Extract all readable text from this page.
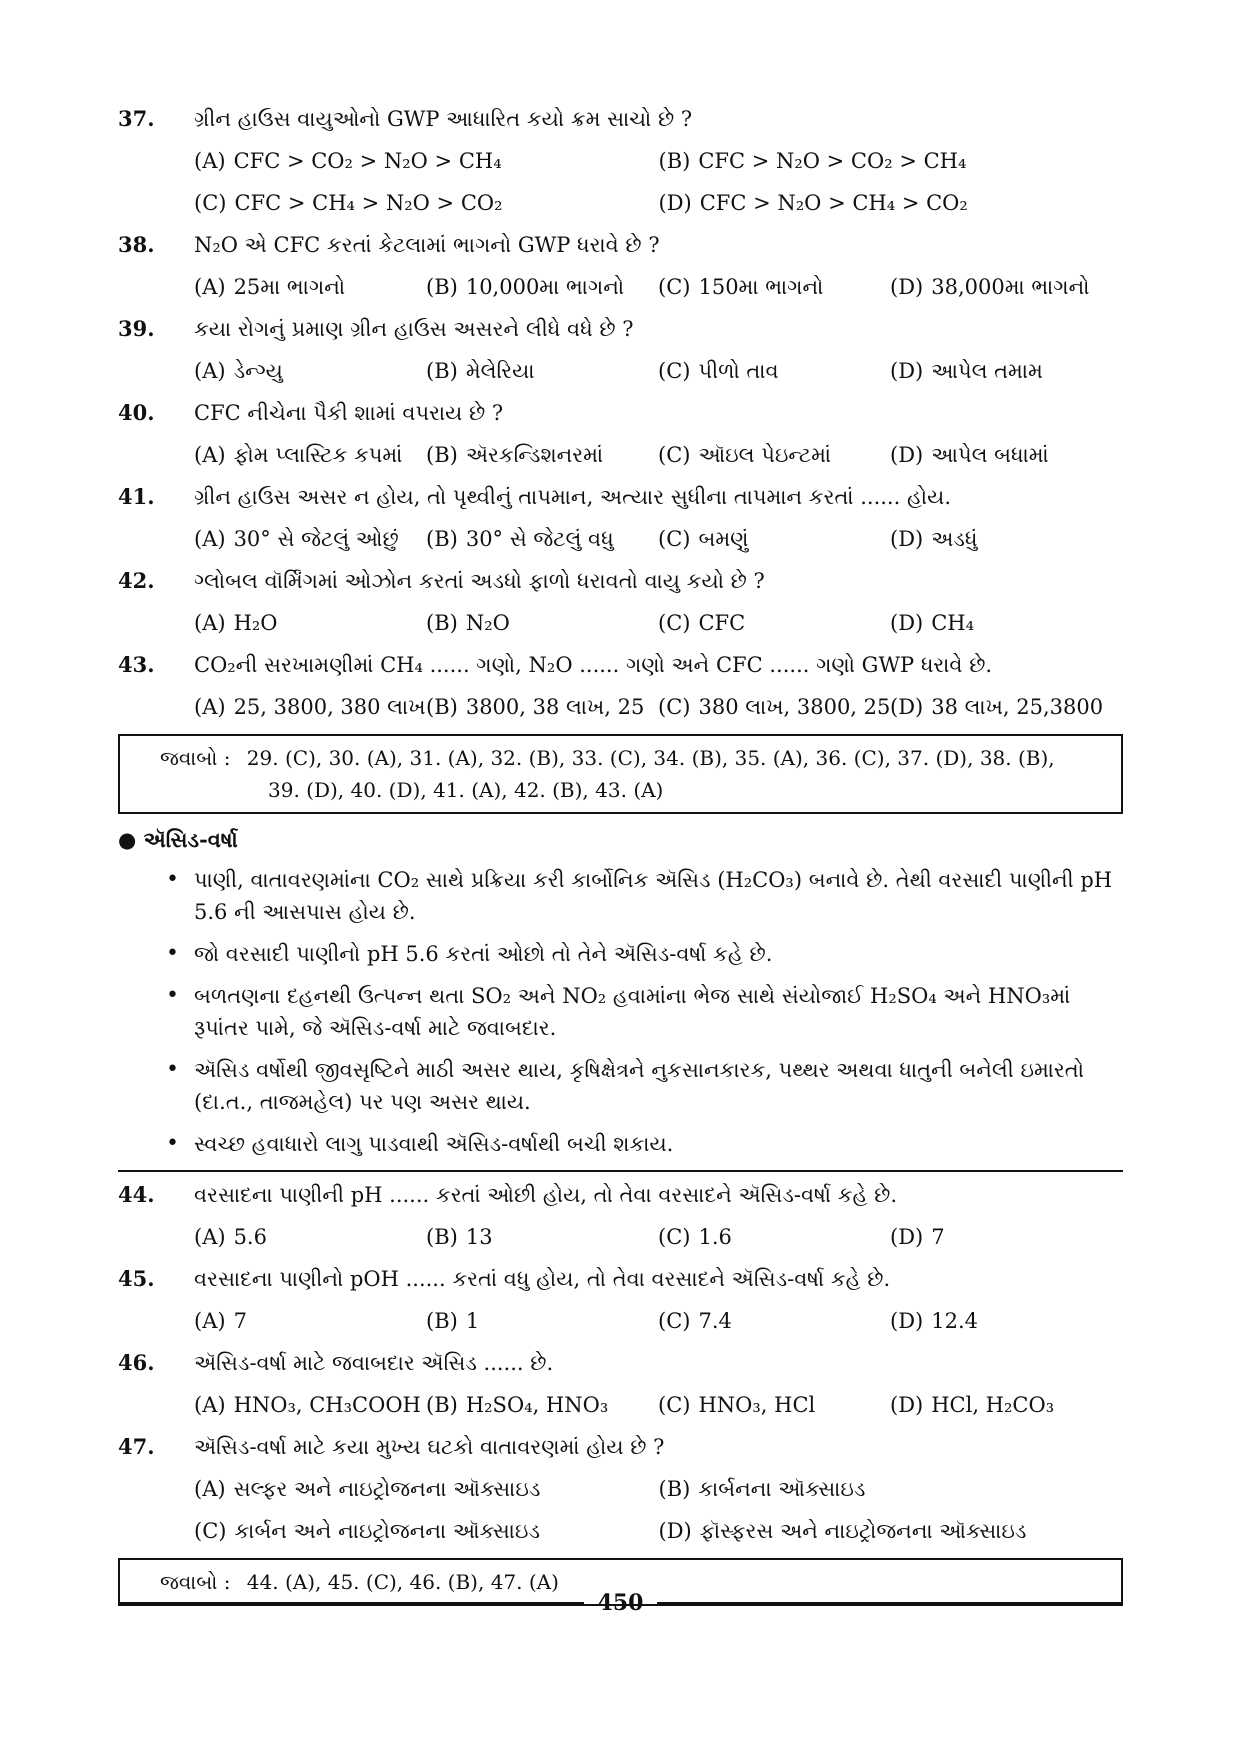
37.	ગ્રીન હાઉસ વાયુઓનો GWP આધારિત કયો ક્રમ સાચો છે ?
(A) CFC > CO₂ > N₂O > CH₄	(B) CFC > N₂O > CO₂ > CH₄
(C) CFC > CH₄ > N₂O > CO₂	(D) CFC > N₂O > CH₄ > CO₂
38.	N₂O એ CFC કરતાં કેટલામાં ભાગનો GWP ધરાવે છે ?
(A) 25મા ભાગનો	(B) 10,000મા ભાગનો	(C) 150મા ભાગનો	(D) 38,000મા ભાગનો
39.	કયા રોગનું પ્રમાણ ગ્રીન હાઉસ અસરને લીધે વધે છે ?
(A) ડેન્ગ્યુ	(B) મેલેરિયા	(C) પીળો તાવ	(D) આપેલ તમામ
40.	CFC નીચેના પૈકી શામાં વપરાય છે ?
(A) ફોમ પ્લાસ્ટિક કપમાં	(B) ઍરકન્ડિશનરમાં	(C) ઑઇલ પેઇન્ટમાં	(D) આપેલ બધામાં
41.	ગ્રીન હાઉસ અસર ન હોય, તો પૃથ્વીનું તાપમાન, અત્યાર સુધીના તાપમાન કરતાં ...... હોય.
(A) 30° સે જેટલું ઓછું	(B) 30° સે જેટલું વધુ	(C) બમણું	(D) અડધું
42.	ગ્લોબલ વૉર્મિંગમાં ઓઝોન કરતાં અડધો ફાળો ધરાવતો વાયુ કયો છે ?
(A) H₂O	(B) N₂O	(C) CFC	(D) CH₄
43.	CO₂ની સરખામણીમાં CH₄ ...... ગણો, N₂O ...... ગણો અને CFC ...... ગણો GWP ધરાવે છે.
(A) 25, 3800, 380 લાખ (B) 3800, 38 લાખ, 25 (C) 380 લાખ, 3800, 25 (D) 38 લાખ, 25,3800
જવાબો : 29. (C), 30. (A), 31. (A), 32. (B), 33. (C), 34. (B), 35. (A), 36. (C), 37. (D), 38. (B),
39. (D), 40. (D), 41. (A), 42. (B), 43. (A)
● ઍસિડ-વર્ષા
• પાણી, વાતાવરણમાંના CO₂ સાથે પ્રક્રિયા કરી કાર્બોનિક ઍસિડ (H₂CO₃) બનાવે છે. તેથી વરસાદી પાણીની pH 5.6 ની આસપાસ હોય છે.
• જો વરસાદી પાણીનો pH 5.6 કરતાં ઓછો તો તેને ઍસિડ-વર્ષા કહે છે.
• બળતણના દહનથી ઉત્પન્ન થતા SO₂ અને NO₂ હવામાંના ભેજ સાથે સંયોજાઈ H₂SO₄ અને HNO₃માં રૂપાંતર પામે, જે ઍસિડ-વર્ષા માટે જવાબદાર.
• ઍસિડ વર્ષોથી જીવસૃષ્ટિને માઠી અસર થાય, કૃષિક્ષેત્રને નુકસાનકારક, પથ્થર અથવા ધાતુની બનેલી ઇમારતો (દા.ત., તાજમહેલ) પર પણ અસર થાય.
• સ્વચ્છ હવાધારો લાગુ પાડવાથી ઍસિડ-વર્ષાથી બચી શકાય.
44.	વરસાદના પાણીની pH ...... કરતાં ઓછી હોય, તો તેવા વરસાદને ઍસિડ-વર્ષા કહે છે.
(A) 5.6	(B) 13	(C) 1.6	(D) 7
45.	વરસાદના પાણીનો pOH ...... કરતાં વધુ હોય, તો તેવા વરસાદને ઍસિડ-વર્ષા કહે છે.
(A) 7	(B) 1	(C) 7.4	(D) 12.4
46.	ઍસિડ-વર્ષા માટે જવાબદાર ઍસિડ ...... છે.
(A) HNO₃, CH₃COOH (B) H₂SO₄, HNO₃	(C) HNO₃, HCl	(D) HCl, H₂CO₃
47.	ઍસિડ-વર્ષા માટે કયા મુખ્ય ઘટકો વાતાવરણમાં હોય છે ?
(A) સલ્ફર અને નાઇટ્રોજનના ઑક્સાઇડ	(B) કાર્બનના ઑક્સાઇડ
(C) કાર્બન અને નાઇટ્રોજનના ઑક્સાઇડ	(D) ફૉસ્ફરસ અને નાઇટ્રોજનના ઑક્સાઇડ
જવાબો : 44. (A), 45. (C), 46. (B), 47. (A)
450
